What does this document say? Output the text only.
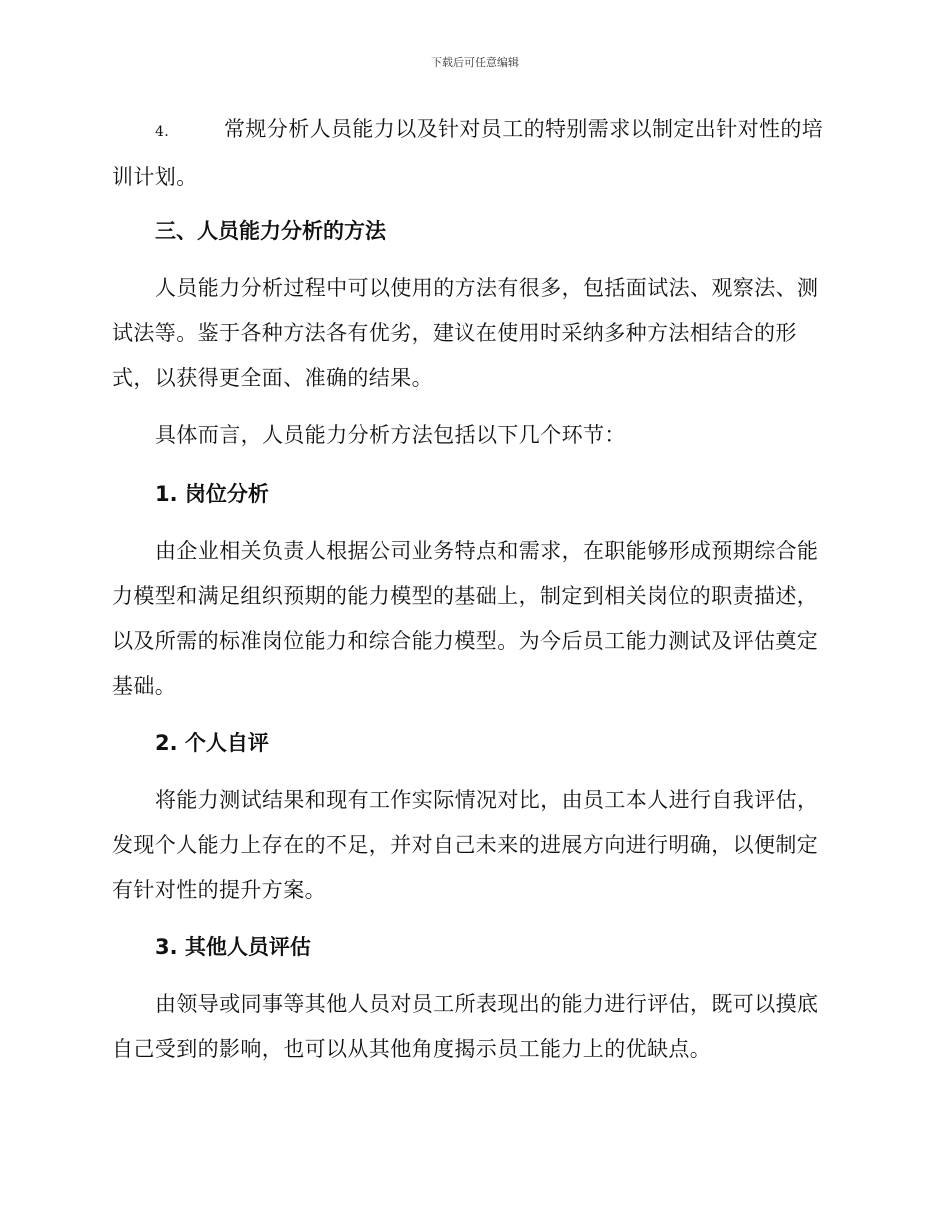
下载后可任意编辑

4.	常规分析人员能力以及针对员工的特别需求以制定出针对性的培训计划。

三、人员能力分析的方法

人员能力分析过程中可以使用的方法有很多，包括面试法、观察法、测试法等。鉴于各种方法各有优劣，建议在使用时采纳多种方法相结合的形式，以获得更全面、准确的结果。

具体而言，人员能力分析方法包括以下几个环节：

1. 岗位分析

由企业相关负责人根据公司业务特点和需求，在职能够形成预期综合能力模型和满足组织预期的能力模型的基础上，制定到相关岗位的职责描述，以及所需的标准岗位能力和综合能力模型。为今后员工能力测试及评估奠定基础。

2. 个人自评

将能力测试结果和现有工作实际情况对比，由员工本人进行自我评估，发现个人能力上存在的不足，并对自己未来的进展方向进行明确，以便制定有针对性的提升方案。

3. 其他人员评估

由领导或同事等其他人员对员工所表现出的能力进行评估，既可以摸底自己受到的影响，也可以从其他角度揭示员工能力上的优缺点。
